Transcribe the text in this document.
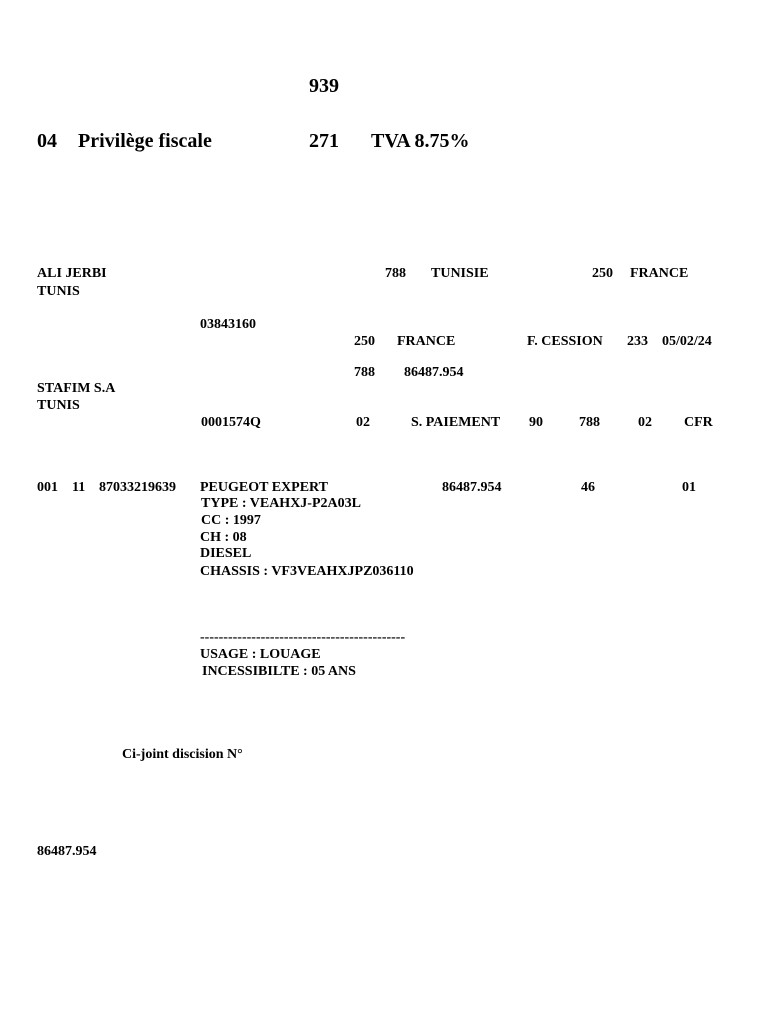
939
04 Privilège fiscale	271 TVA 8.75%
ALI JERBI
TUNIS
788 TUNISIE	250 FRANCE
03843160
250 FRANCE	F. CESSION 233 05/02/24
788 86487.954
STAFIM S.A
TUNIS
0001574Q	02	S. PAIEMENT 90	788	02 CFR
001 11 87033219639 PEUGEOT EXPERT	86487.954	46	01
TYPE : VEAHXJ-P2A03L
CC : 1997
CH : 08
DIESEL
CHASSIS : VF3VEAHXJPZ036110
--------------------------------------------
USAGE : LOUAGE
INCESSIBILTE : 05 ANS
Ci-joint discision N°
86487.954
